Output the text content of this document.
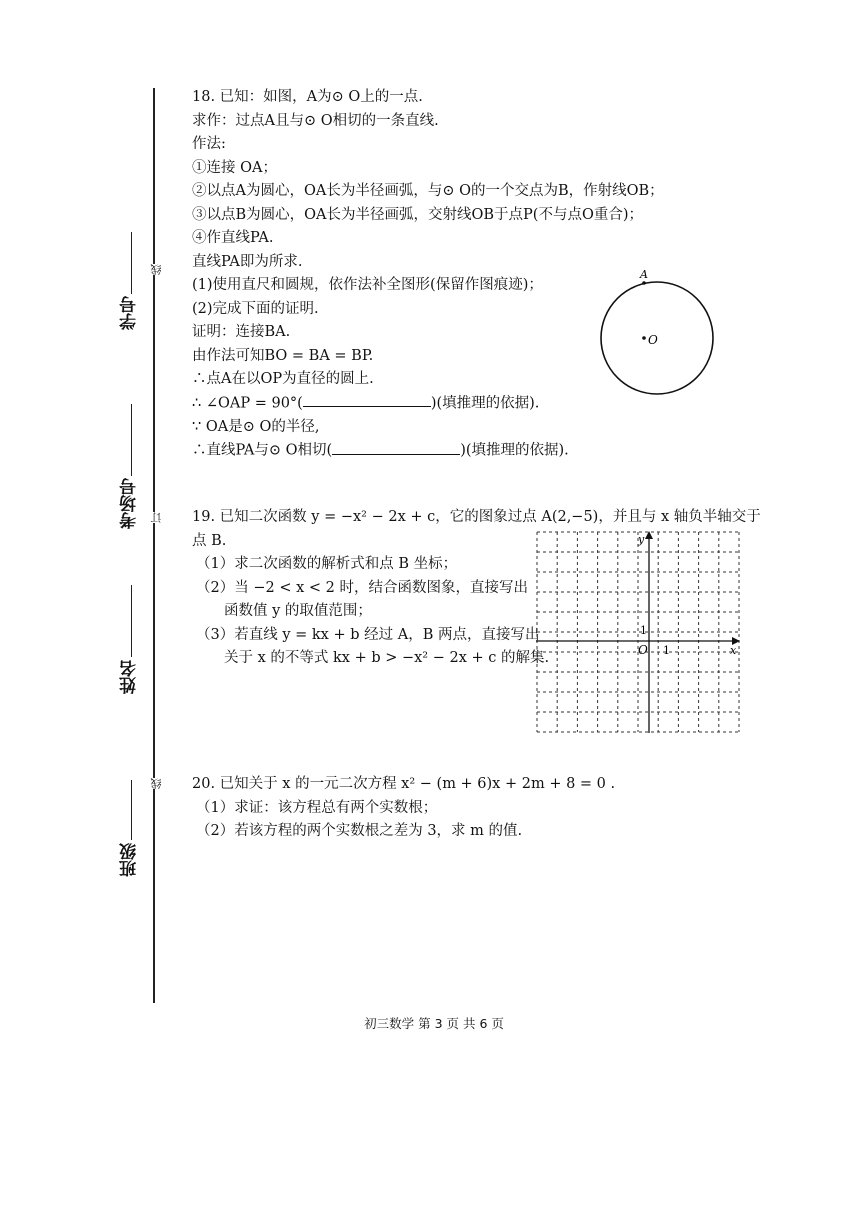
学号
考场号
姓名
班级
线
订
线
18. 已知：如图，A为⊙ O上的一点.
求作：过点A且与⊙ O相切的一条直线.
作法:
①连接 OA；
②以点A为圆心，OA长为半径画弧，与⊙ O的一个交点为B，作射线OB；
③以点B为圆心，OA长为半径画弧，交射线OB于点P(不与点O重合)；
④作直线PA.
直线PA即为所求.
(1)使用直尺和圆规，依作法补全图形(保留作图痕迹)；
(2)完成下面的证明.
证明：连接BA.
由作法可知BO = BA = BP.
∴点A在以OP为直径的圆上.
∴ ∠OAP = 90°(	)(填推理的依据).
∵ OA是⊙ O的半径,
∴直线PA与⊙ O相切(	)(填推理的依据).
A
O
19. 已知二次函数 y = −x² − 2x + c，它的图象过点 A(2,−5)，并且与 x 轴负半轴交于
点 B.
（1）求二次函数的解析式和点 B 坐标；
（2）当 −2 < x < 2 时，结合函数图象，直接写出
函数值 y 的取值范围；
（3）若直线 y = kx + b 经过 A，B 两点，直接写出
关于 x 的不等式 kx + b > −x² − 2x + c 的解集.
y
x
O 1
1
20. 已知关于 x 的一元二次方程 x² − (m + 6)x + 2m + 8 = 0 .
（1）求证：该方程总有两个实数根；
（2）若该方程的两个实数根之差为 3，求 m 的值.
初三数学 第 3 页 共 6 页
